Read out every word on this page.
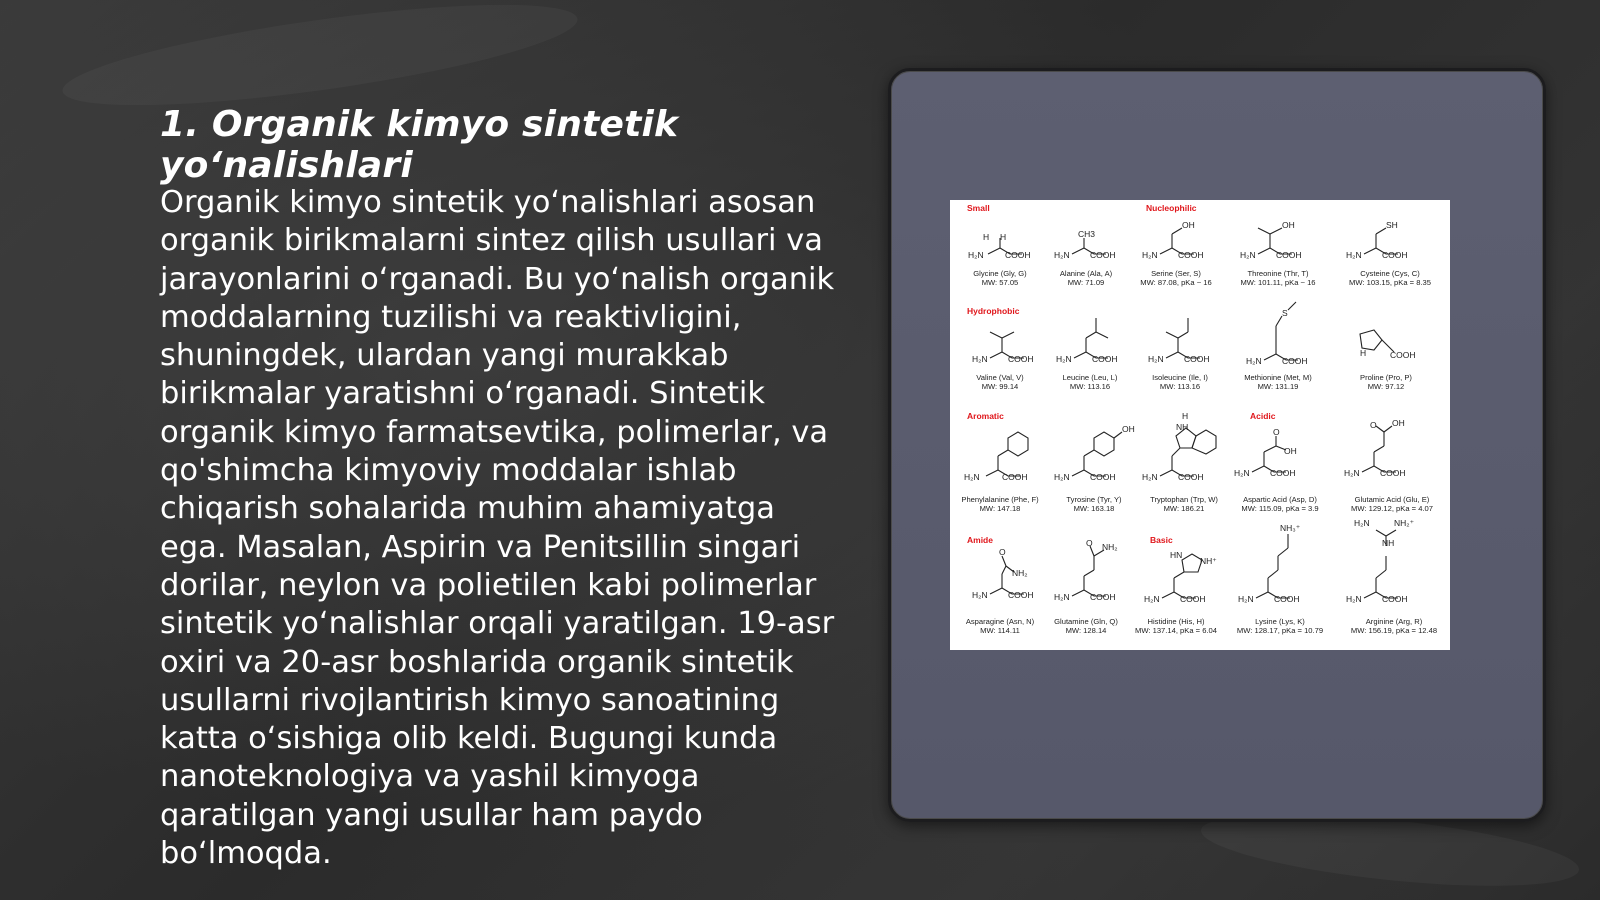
1. Organik kimyo sintetik yo‘nalishlari
Organik kimyo sintetik yo‘nalishlari asosan organik birikmalarni sintez qilish usullari va jarayonlarini o‘rganadi. Bu yo‘nalish organik moddalarning tuzilishi va reaktivligini, shuningdek, ulardan yangi murakkab birikmalar yaratishni o‘rganadi. Sintetik organik kimyo farmatsevtika, polimerlar, va qo'shimcha kimyoviy moddalar ishlab chiqarish sohalarida muhim ahamiyatga ega. Masalan, Aspirin va Penitsillin singari dorilar, neylon va polietilen kabi polimerlar sintetik yo‘nalishlar orqali yaratilgan. 19-asr oxiri va 20-asr boshlarida organik sintetik usullarni rivojlantirish kimyo sanoatining katta o‘sishiga olib keldi. Bugungi kunda nanoteknologiya va yashil kimyoga qaratilgan yangi usullar ham paydo bo‘lmoqda.
Small	Nucleophilic
Hydrophobic
Aromatic	Acidic
Amide	Basic
H₂N	COOH
H H
H₂N COOH
CH3
H₂N COOH
OH
H₂N COOH
OH
H₂N COOH
SH
H₂N COOH	H₂N COOH	H₂N COOH	H₂N COOH
S
H	COOH
H₂N	COOH	H₂N COOH
OH
H₂N COOH
H
NH
H₂N COOH
O
OH
H₂N COOH
O OH
H₂N COOH
O
NH₂
H₂N COOH
O NH₂
H₂N COOH
HN
NH⁺
H₂N COOH
NH₃⁺
H₂N COOH
NH
H₂N	NH₂⁺
Glycine (Gly, G)
MW: 57.05
Alanine (Ala, A)
MW: 71.09
Serine (Ser, S)
MW: 87.08, pKa ~ 16
Threonine (Thr, T)
MW: 101.11, pKa ~ 16
Cysteine (Cys, C)
MW: 103.15, pKa = 8.35
Valine (Val, V)
MW: 99.14
Leucine (Leu, L)
MW: 113.16
Isoleucine (Ile, I)
MW: 113.16
Methionine (Met, M)
MW: 131.19
Proline (Pro, P)
MW: 97.12
Phenylalanine (Phe, F)
MW: 147.18
Tyrosine (Tyr, Y)
MW: 163.18
Tryptophan (Trp, W)
MW: 186.21
Aspartic Acid (Asp, D)
MW: 115.09, pKa = 3.9
Glutamic Acid (Glu, E)
MW: 129.12, pKa = 4.07
Asparagine (Asn, N)
MW: 114.11
Glutamine (Gln, Q)
MW: 128.14
Histidine (His, H)
MW: 137.14, pKa = 6.04
Lysine (Lys, K)
MW: 128.17, pKa = 10.79
Arginine (Arg, R)
MW: 156.19, pKa = 12.48
